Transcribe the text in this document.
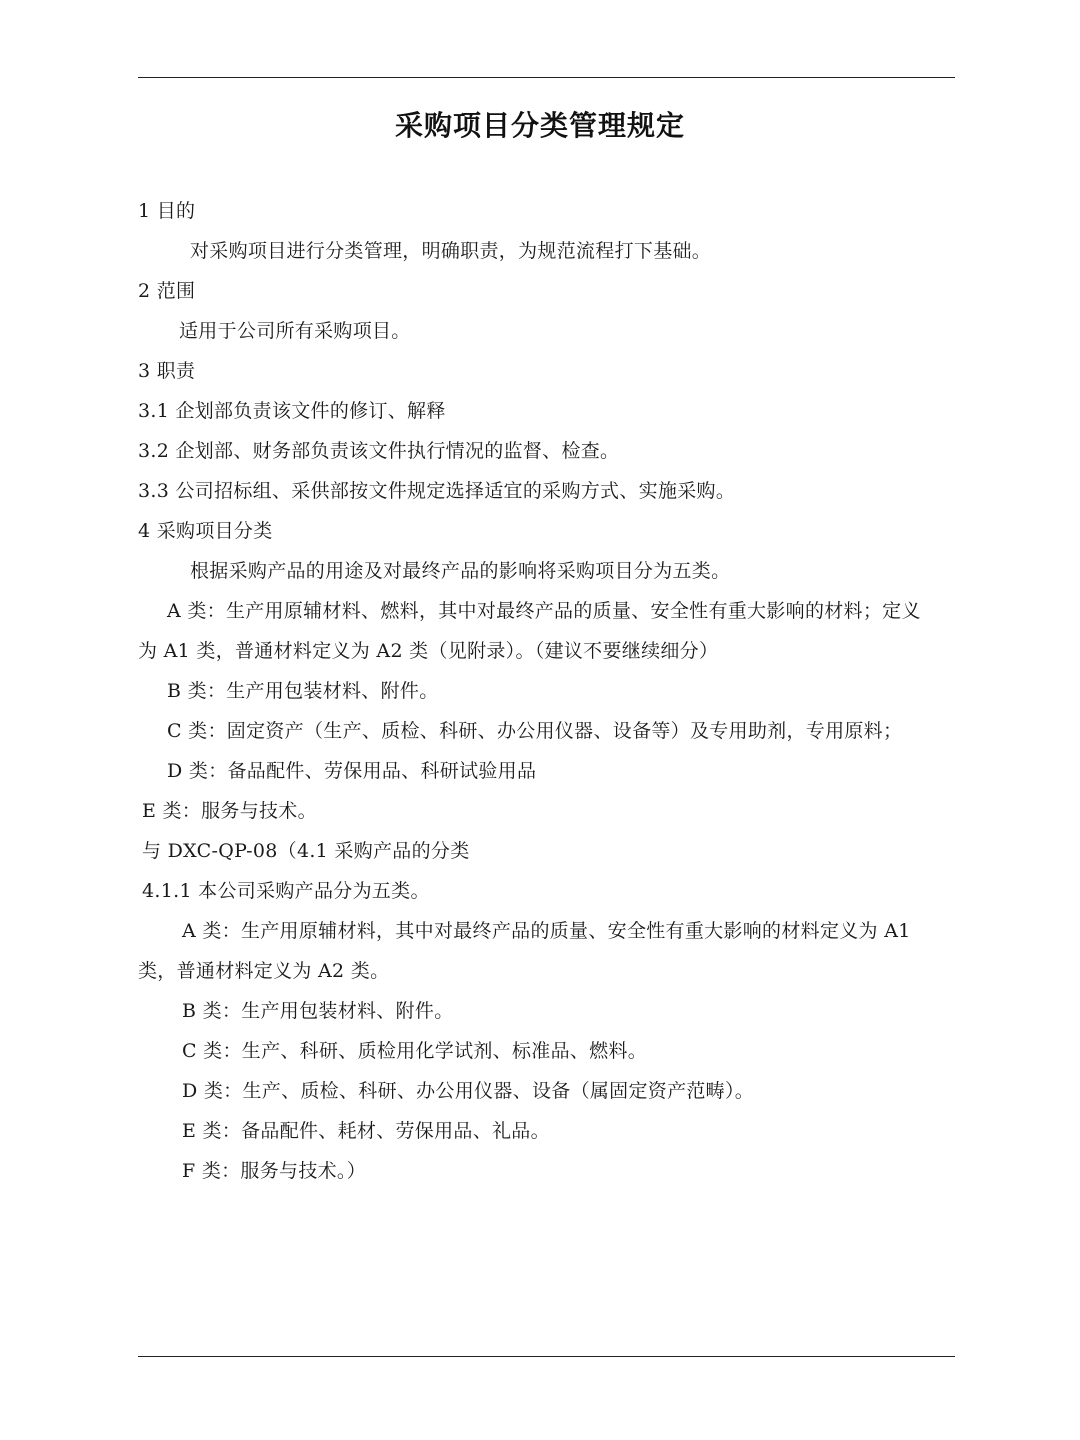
采购项目分类管理规定
1 目的
对采购项目进行分类管理，明确职责，为规范流程打下基础。
2 范围
适用于公司所有采购项目。
3 职责
3.1 企划部负责该文件的修订、解释
3.2 企划部、财务部负责该文件执行情况的监督、检查。
3.3 公司招标组、采供部按文件规定选择适宜的采购方式、实施采购。
4 采购项目分类
根据采购产品的用途及对最终产品的影响将采购项目分为五类。
A 类：生产用原辅材料、燃料，其中对最终产品的质量、安全性有重大影响的材料；定义
为 A1 类，普通材料定义为 A2 类（见附录）。（建议不要继续细分）
B 类：生产用包装材料、附件。
C 类：固定资产（生产、质检、科研、办公用仪器、设备等）及专用助剂，专用原料；
D 类：备品配件、劳保用品、科研试验用品
E 类：服务与技术。
与 DXC-QP-08（4.1 采购产品的分类
4.1.1 本公司采购产品分为五类。
A 类：生产用原辅材料，其中对最终产品的质量、安全性有重大影响的材料定义为 A1
类，普通材料定义为 A2 类。
B 类：生产用包装材料、附件。
C 类：生产、科研、质检用化学试剂、标准品、燃料。
D 类：生产、质检、科研、办公用仪器、设备（属固定资产范畴）。
E 类：备品配件、耗材、劳保用品、礼品。
F 类：服务与技术。）
